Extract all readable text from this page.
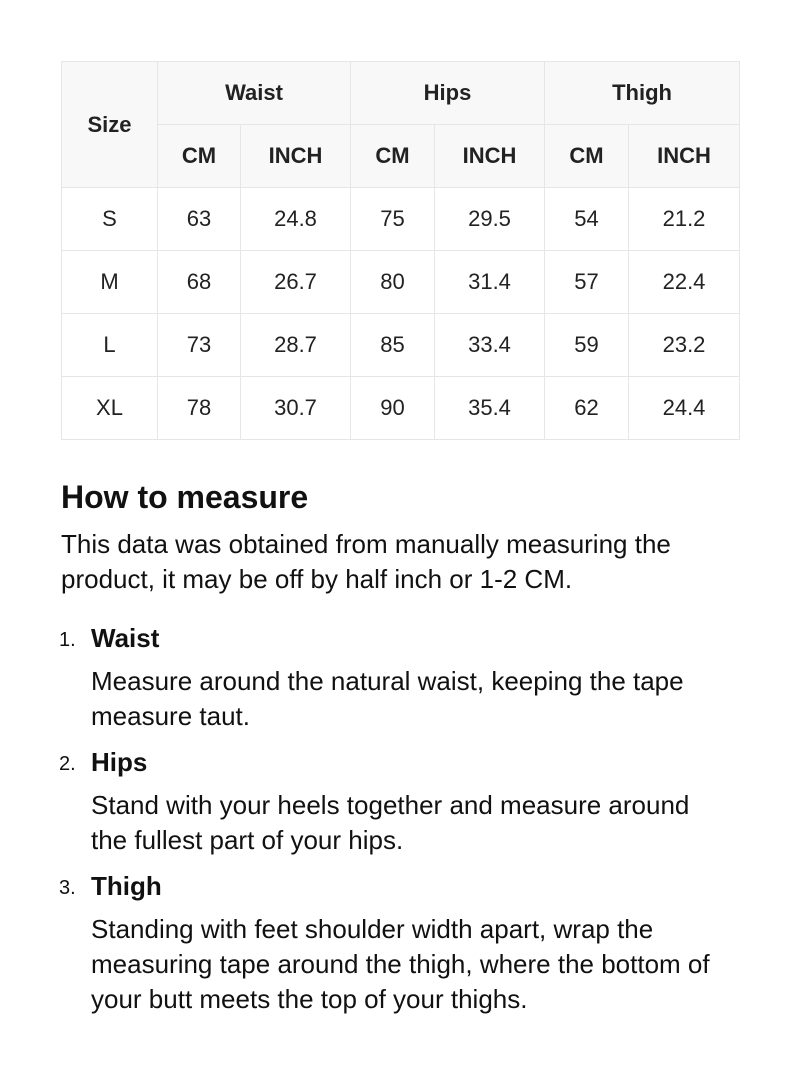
Size	Waist		Hips		Thigh	
	CM	INCH	CM	INCH	CM	INCH
S	63	24.8	75	29.5	54	21.2
M	68	26.7	80	31.4	57	22.4
L	73	28.7	85	33.4	59	23.2
XL	78	30.7	90	35.4	62	24.4
How to measure

This data was obtained from manually measuring the product, it may be off by half inch or 1-2 CM.

1. Waist
Measure around the natural waist, keeping the tape measure taut.
2. Hips
Stand with your heels together and measure around the fullest part of your hips.
3. Thigh
Standing with feet shoulder width apart, wrap the measuring tape around the thigh, where the bottom of your butt meets the top of your thighs.
